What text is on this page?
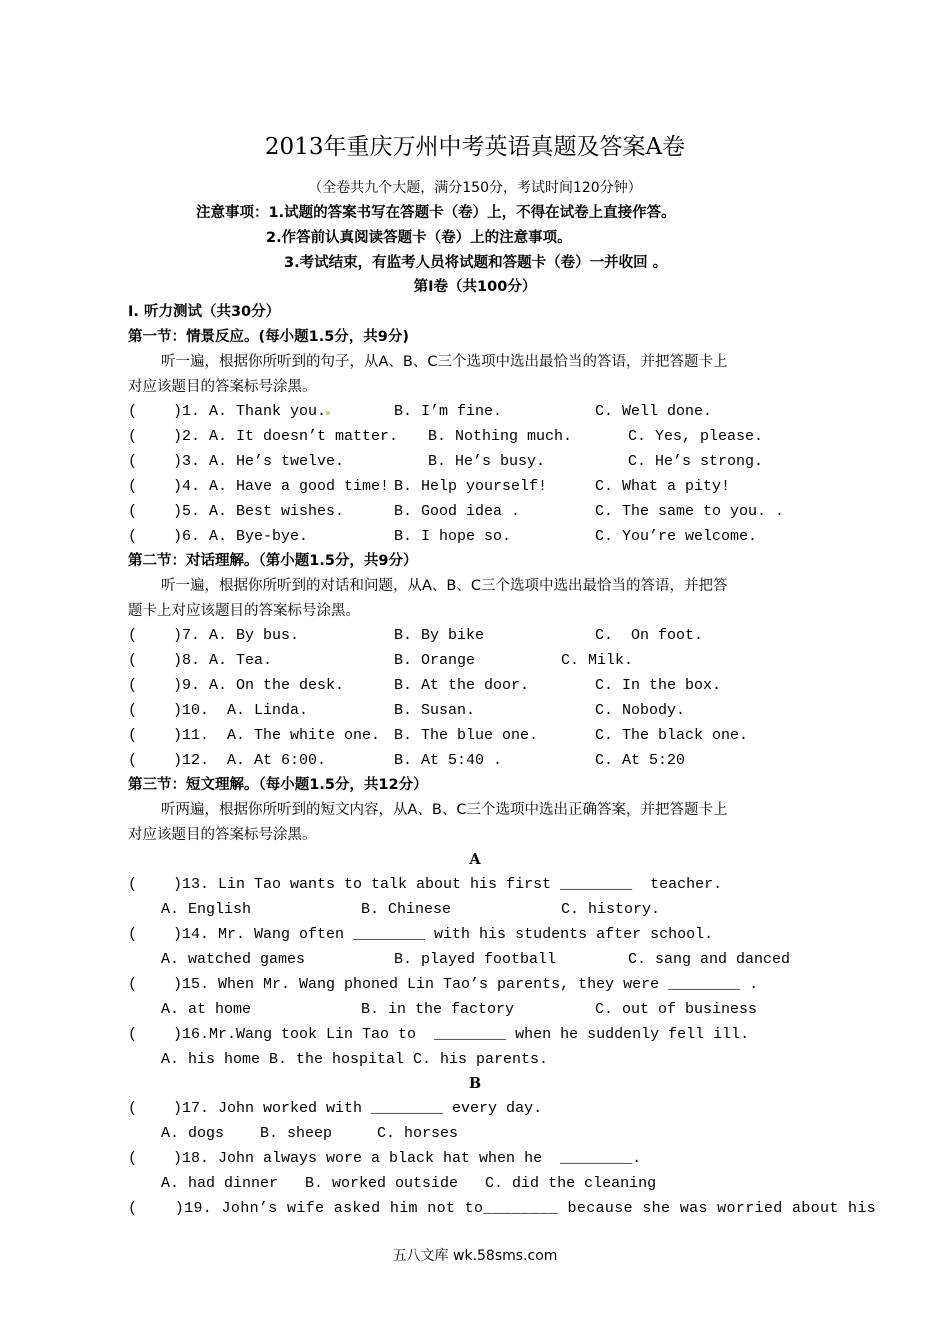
2013年重庆万州中考英语真题及答案A卷
（全卷共九个大题，满分150分，考试时间120分钟）
注意事项：1.试题的答案书写在答题卡（卷）上，不得在试卷上直接作答。
2.作答前认真阅读答题卡（卷）上的注意事项。
3.考试结束，有监考人员将试题和答题卡（卷）一并收回 。
第Ⅰ卷（共100分）
I. 听力测试（共30分）
第一节：情景反应。(每小题1.5分，共9分)
听一遍，根据你所听到的句子，从A、B、C三个选项中选出最恰当的答语，并把答题卡上
对应该题目的答案标号涂黑。
(    )1. A. Thank you.	B. I’m fine.	C. Well done.
(    )2. A. It doesn’t matter. B. Nothing much.	C. Yes, please.
(    )3. A. He’s twelve.	B. He’s busy.	C. He’s strong.
(    )4. A. Have a good time! B. Help yourself!	C. What a pity!
(    )5. A. Best wishes.	B. Good idea .	C. The same to you. .
(    )6. A. Bye-bye.	B. I hope so.	C. You’re welcome.
第二节：对话理解。（第小题1.5分，共9分）
听一遍，根据你所听到的对话和问题，从A、B、C三个选项中选出最恰当的答语，并把答
题卡上对应该题目的答案标号涂黑。
(    )7. A. By bus.	B. By bike	C.  On foot.
(    )8. A. Tea.	B. Orange	C. Milk.
(    )9. A. On the desk.	B. At the door.	C. In the box.
(    )10.  A. Linda.	B. Susan.	C. Nobody.
(    )11.  A. The white one. B. The blue one.	C. The black one.
(    )12.  A. At 6:00.	B. At 5:40 .	C. At 5:20
第三节：短文理解。（每小题1.5分，共12分）
听两遍，根据你所听到的短文内容，从A、B、C三个选项中选出正确答案，并把答题卡上
对应该题目的答案标号涂黑。
A
(    )13. Lin Tao wants to talk about his first ________  teacher.
A. English	B. Chinese	C. history.
(    )14. Mr. Wang often ________ with his students after school.
A. watched games	B. played football	C. sang and danced
(    )15. When Mr. Wang phoned Lin Tao’s parents, they were ________ .
A. at home	B. in the factory	C. out of business
(    )16.Mr.Wang took Lin Tao to  ________ when he suddenly fell ill.
A. his home B. the hospital C. his parents.
B
(    )17. John worked with ________ every day.
A. dogs    B. sheep     C. horses
(    )18. John always wore a black hat when he  ________.
A. had dinner   B. worked outside   C. did the cleaning
(    )19. John’s wife asked him not to________ because she was worried about his
五八文库 wk.58sms.com
